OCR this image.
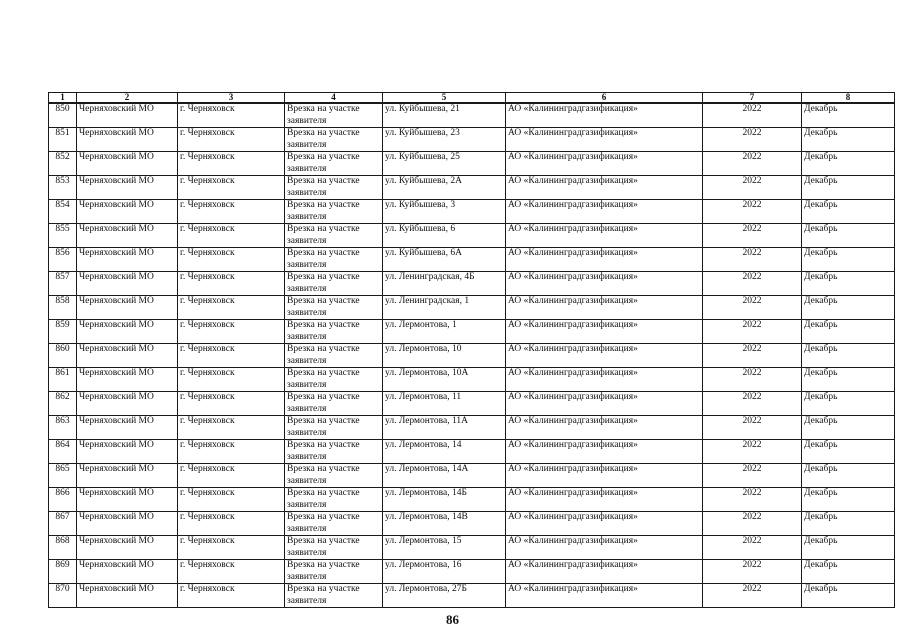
1	2	3	4	5	6	7	8
850	Черняховский МО	г. Черняховск	Врезка на участке заявителя	ул. Куйбышева, 21	АО «Калининградгазификация»	2022	Декабрь
851	Черняховский МО	г. Черняховск	Врезка на участке заявителя	ул. Куйбышева, 23	АО «Калининградгазификация»	2022	Декабрь
852	Черняховский МО	г. Черняховск	Врезка на участке заявителя	ул. Куйбышева, 25	АО «Калининградгазификация»	2022	Декабрь
853	Черняховский МО	г. Черняховск	Врезка на участке заявителя	ул. Куйбышева, 2А	АО «Калининградгазификация»	2022	Декабрь
854	Черняховский МО	г. Черняховск	Врезка на участке заявителя	ул. Куйбышева, 3	АО «Калининградгазификация»	2022	Декабрь
855	Черняховский МО	г. Черняховск	Врезка на участке заявителя	ул. Куйбышева, 6	АО «Калининградгазификация»	2022	Декабрь
856	Черняховский МО	г. Черняховск	Врезка на участке заявителя	ул. Куйбышева, 6А	АО «Калининградгазификация»	2022	Декабрь
857	Черняховский МО	г. Черняховск	Врезка на участке заявителя	ул. Ленинградская, 4Б	АО «Калининградгазификация»	2022	Декабрь
858	Черняховский МО	г. Черняховск	Врезка на участке заявителя	ул. Ленинградская, 1	АО «Калининградгазификация»	2022	Декабрь
859	Черняховский МО	г. Черняховск	Врезка на участке заявителя	ул. Лермонтова, 1	АО «Калининградгазификация»	2022	Декабрь
860	Черняховский МО	г. Черняховск	Врезка на участке заявителя	ул. Лермонтова, 10	АО «Калининградгазификация»	2022	Декабрь
861	Черняховский МО	г. Черняховск	Врезка на участке заявителя	ул. Лермонтова, 10А	АО «Калининградгазификация»	2022	Декабрь
862	Черняховский МО	г. Черняховск	Врезка на участке заявителя	ул. Лермонтова, 11	АО «Калининградгазификация»	2022	Декабрь
863	Черняховский МО	г. Черняховск	Врезка на участке заявителя	ул. Лермонтова, 11А	АО «Калининградгазификация»	2022	Декабрь
864	Черняховский МО	г. Черняховск	Врезка на участке заявителя	ул. Лермонтова, 14	АО «Калининградгазификация»	2022	Декабрь
865	Черняховский МО	г. Черняховск	Врезка на участке заявителя	ул. Лермонтова, 14А	АО «Калининградгазификация»	2022	Декабрь
866	Черняховский МО	г. Черняховск	Врезка на участке заявителя	ул. Лермонтова, 14Б	АО «Калининградгазификация»	2022	Декабрь
867	Черняховский МО	г. Черняховск	Врезка на участке заявителя	ул. Лермонтова, 14В	АО «Калининградгазификация»	2022	Декабрь
868	Черняховский МО	г. Черняховск	Врезка на участке заявителя	ул. Лермонтова, 15	АО «Калининградгазификация»	2022	Декабрь
869	Черняховский МО	г. Черняховск	Врезка на участке заявителя	ул. Лермонтова, 16	АО «Калининградгазификация»	2022	Декабрь
870	Черняховский МО	г. Черняховск	Врезка на участке заявителя	ул. Лермонтова, 27Б	АО «Калининградгазификация»	2022	Декабрь
86
